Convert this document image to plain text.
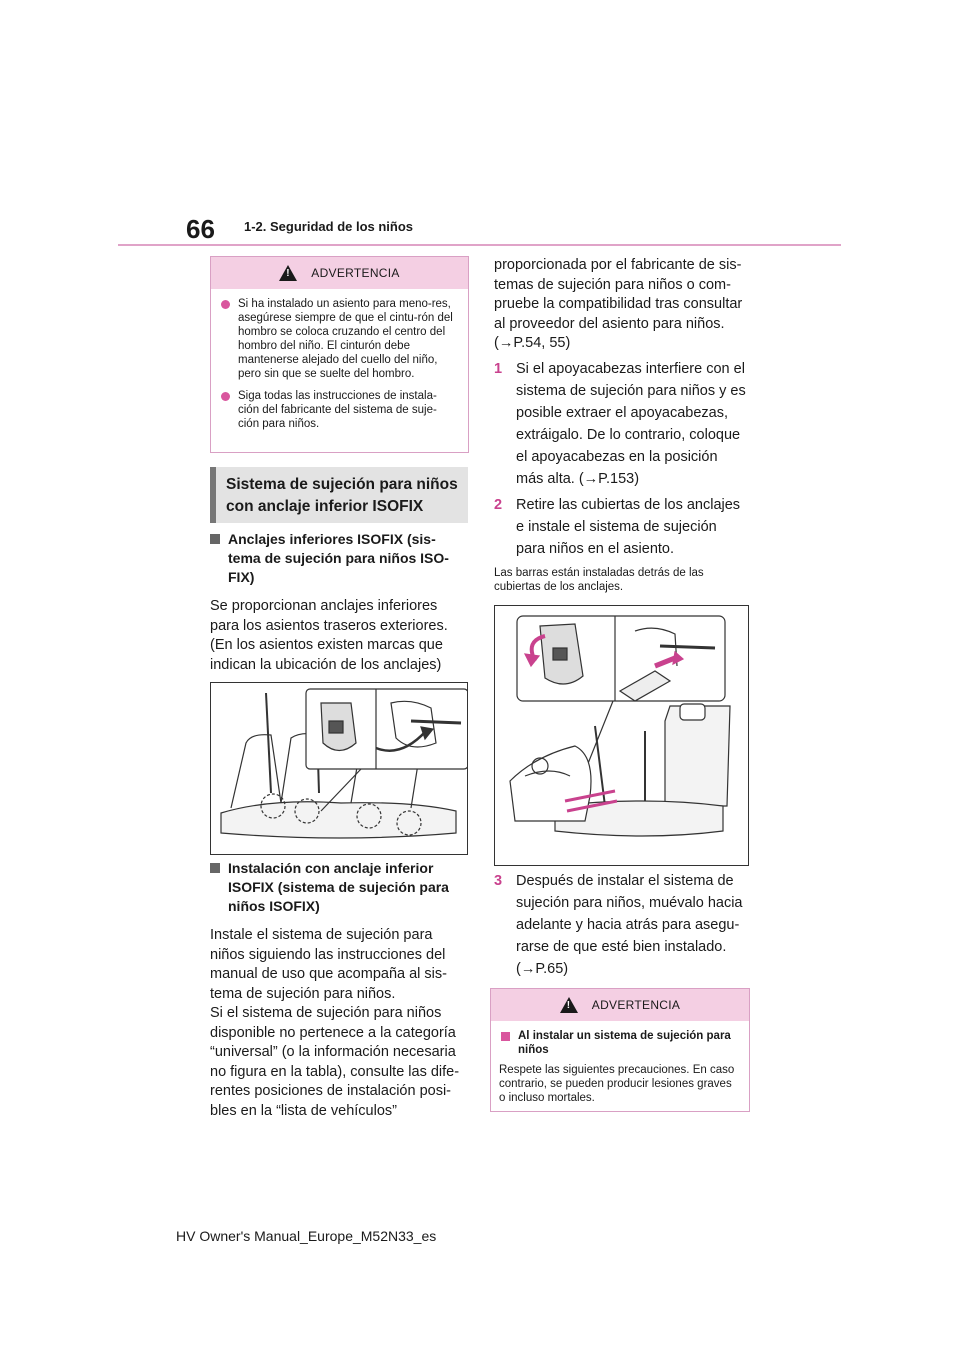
66 1-2. Seguridad de los niños
!
ADVERTENCIA
Si ha instalado un asiento para meno-res, asegúrese siempre de que el cintu-rón del hombro se coloca cruzando el centro del hombro del niño. El cinturón debe mantenerse alejado del cuello del niño, pero sin que se suelte del hombro.
Siga todas las instrucciones de instala-ción del fabricante del sistema de suje-ción para niños.
Sistema de sujeción para niños
con anclaje inferior ISOFIX
Anclajes inferiores ISOFIX (sis-tema de sujeción para niños ISO-FIX)
Se proporcionan anclajes inferiores para los asientos traseros exteriores. (En los asientos existen marcas que indican la ubicación de los anclajes)
Instalación con anclaje inferior ISOFIX (sistema de sujeción para niños ISOFIX)
Instale el sistema de sujeción para niños siguiendo las instrucciones del manual de uso que acompaña al sis-tema de sujeción para niños.
Si el sistema de sujeción para niños disponible no pertenece a la categoría “universal” (o la información necesaria no figura en la tabla), consulte las dife-rentes posiciones de instalación posi-bles en la “lista de vehículos”
proporcionada por el fabricante de sis-temas de sujeción para niños o com-pruebe la compatibilidad tras consultar al proveedor del asiento para niños.
(→P.54, 55)
1 Si el apoyacabezas interfiere con el sistema de sujeción para niños y es posible extraer el apoyacabezas, extráigalo. De lo contrario, coloque el apoyacabezas en la posición más alta. (→P.153)
2 Retire las cubiertas de los anclajes e instale el sistema de sujeción para niños en el asiento.
Las barras están instaladas detrás de las cubiertas de los anclajes.
3 Después de instalar el sistema de sujeción para niños, muévalo hacia adelante y hacia atrás para asegu-rarse de que esté bien instalado. (→P.65)
!
ADVERTENCIA
Al instalar un sistema de sujeción para niños
Respete las siguientes precauciones. En caso contrario, se pueden producir lesiones graves o incluso mortales.
HV Owner's Manual_Europe_M52N33_es
